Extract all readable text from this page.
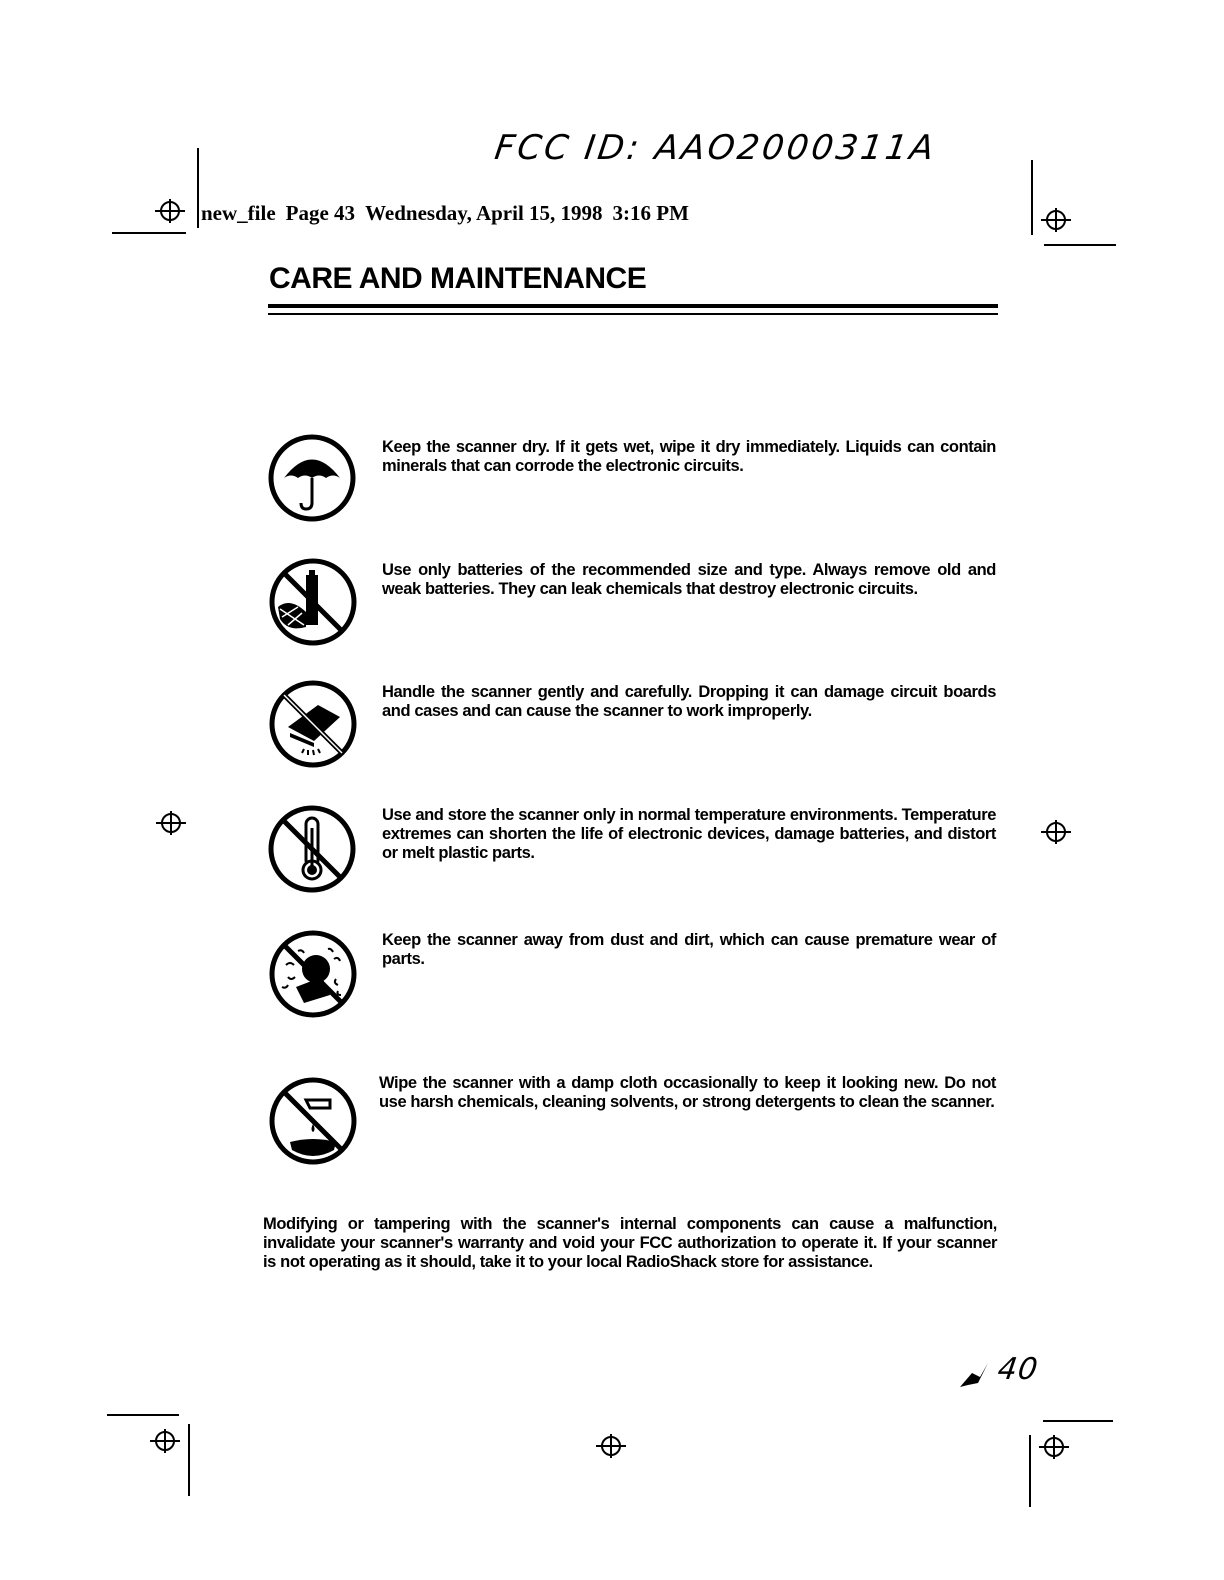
FCC ID: AAO2000311A
new_file Page 43 Wednesday, April 15, 1998 3:16 PM
CARE AND MAINTENANCE
Keep the scanner dry. If it gets wet, wipe it dry immediately. Liquids can contain minerals that can corrode the electronic circuits.
Use only batteries of the recommended size and type. Always remove old and weak batteries. They can leak chemicals that destroy electronic circuits.
Handle the scanner gently and carefully. Dropping it can damage circuit boards and cases and can cause the scanner to work improperly.
Use and store the scanner only in normal temperature environments. Temperature extremes can shorten the life of electronic devices, damage batteries, and distort or melt plastic parts.
Keep the scanner away from dust and dirt, which can cause premature wear of parts.
Wipe the scanner with a damp cloth occasionally to keep it looking new. Do not use harsh chemicals, cleaning solvents, or strong detergents to clean the scanner.
Modifying or tampering with the scanner's internal components can cause a malfunction, invalidate your scanner's warranty and void your FCC authorization to operate it. If your scanner is not operating as it should, take it to your local RadioShack store for assistance.
40
